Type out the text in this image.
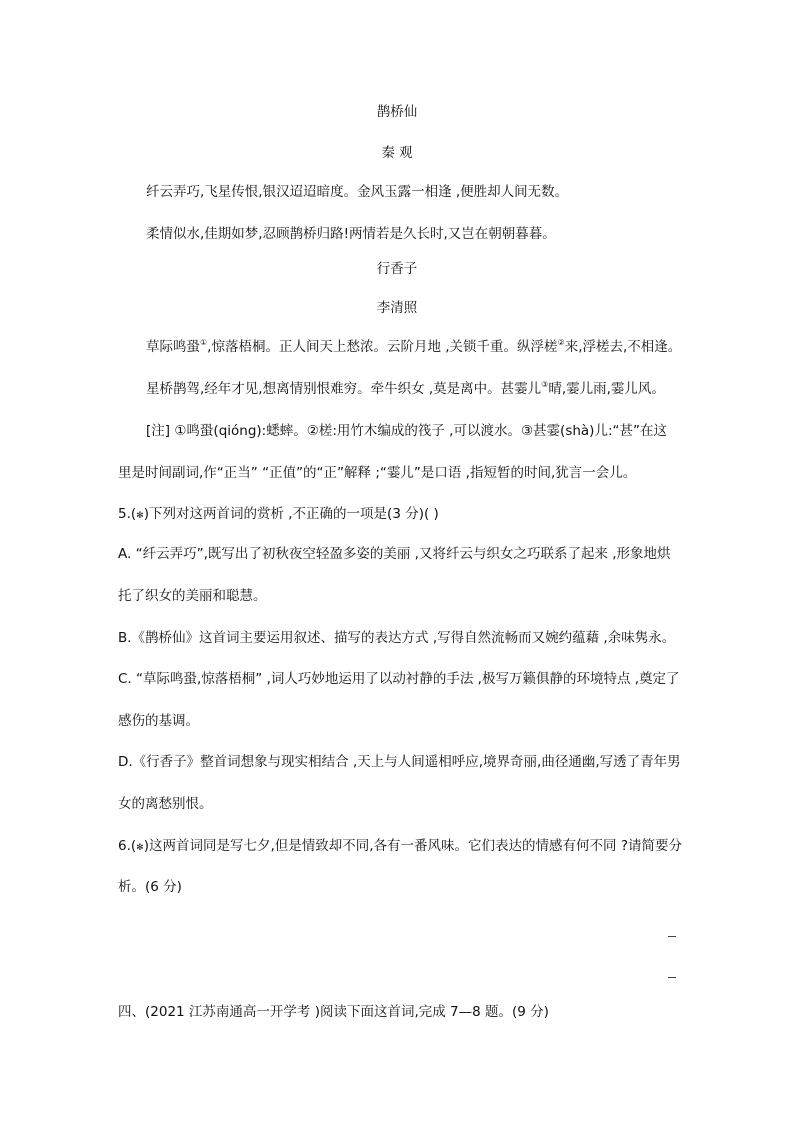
鹊桥仙
秦 观
纤云弄巧,飞星传恨,银汉迢迢暗度。金风玉露一相逢 ,便胜却人间无数。
柔情似水,佳期如梦,忍顾鹊桥归路!两情若是久长时,又岂在朝朝暮暮。
行香子
李清照
草际鸣蛩①,惊落梧桐。正人间天上愁浓。云阶月地 ,关锁千重。纵浮槎②来,浮槎去,不相逢。
星桥鹊驾,经年才见,想离情别恨难穷。牵牛织女 ,莫是离中。甚霎儿③晴,霎儿雨,霎儿风。
[注] ①鸣蛩(qióng):蟋蟀。②槎:用竹木编成的筏子 ,可以渡水。③甚霎(shà)儿:“甚”在这
里是时间副词,作“正当” “正值”的“正”解释 ;“霎儿”是口语 ,指短暂的时间,犹言一会儿。
5.(✻)下列对这两首词的赏析 ,不正确的一项是(3 分)( )
A. “纤云弄巧”,既写出了初秋夜空轻盈多姿的美丽 ,又将纤云与织女之巧联系了起来 ,形象地烘
托了织女的美丽和聪慧。
B.《鹊桥仙》这首词主要运用叙述、描写的表达方式 ,写得自然流畅而又婉约蕴藉 ,余味隽永。
C. “草际鸣蛩,惊落梧桐” ,词人巧妙地运用了以动衬静的手法 ,极写万籁俱静的环境特点 ,奠定了
感伤的基调。
D.《行香子》整首词想象与现实相结合 ,天上与人间遥相呼应,境界奇丽,曲径通幽,写透了青年男
女的离愁别恨。
6.(✻)这两首词同是写七夕,但是情致却不同,各有一番风味。它们表达的情感有何不同 ?请简要分
析。(6 分)
四、(2021 江苏南通高一开学考 )阅读下面这首词,完成 7—8 题。(9 分)
